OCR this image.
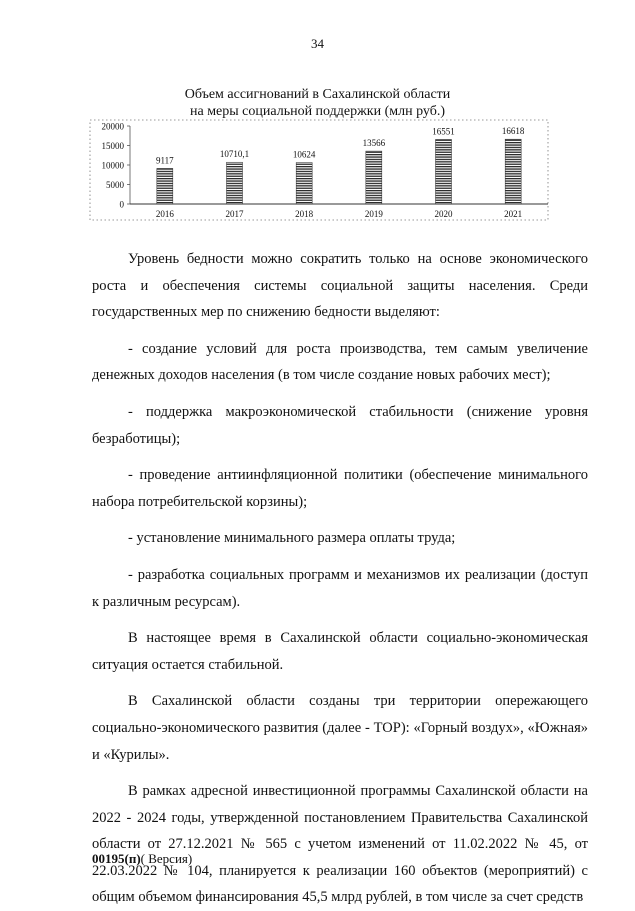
34
Объем ассигнований в Сахалинской области
на меры социальной поддержки (млн руб.)
0
5000
10000
15000
20000
9117
2016
10710,1
2017
10624
2018
13566
2019
16551
2020
16618
2021

Уровень бедности можно сократить только на основе экономического роста и обеспечения системы социальной защиты населения. Среди государственных мер по снижению бедности выделяют:

- создание условий для роста производства, тем самым увеличение денежных доходов населения (в том числе создание новых рабочих мест);

- поддержка макроэкономической стабильности (снижение уровня безработицы);

- проведение антиинфляционной политики (обеспечение минимального набора потребительской корзины);

- установление минимального размера оплаты труда;

- разработка социальных программ и механизмов их реализации (доступ к различным ресурсам).

В настоящее время в Сахалинской области социально-экономическая ситуация остается стабильной.

В Сахалинской области созданы три территории опережающего социально-экономического развития (далее - ТОР): «Горный воздух», «Южная» и «Курилы».

В рамках адресной инвестиционной программы Сахалинской области на 2022 - 2024 годы, утвержденной постановлением Правительства Сахалинской области от 27.12.2021 № 565 с учетом изменений от 11.02.2022 № 45, от 22.03.2022 № 104, планируется к реализации 160 объектов (мероприятий) с общим объемом финансирования 45,5 млрд рублей, в том числе за счет средств

00195(п)( Версия)
